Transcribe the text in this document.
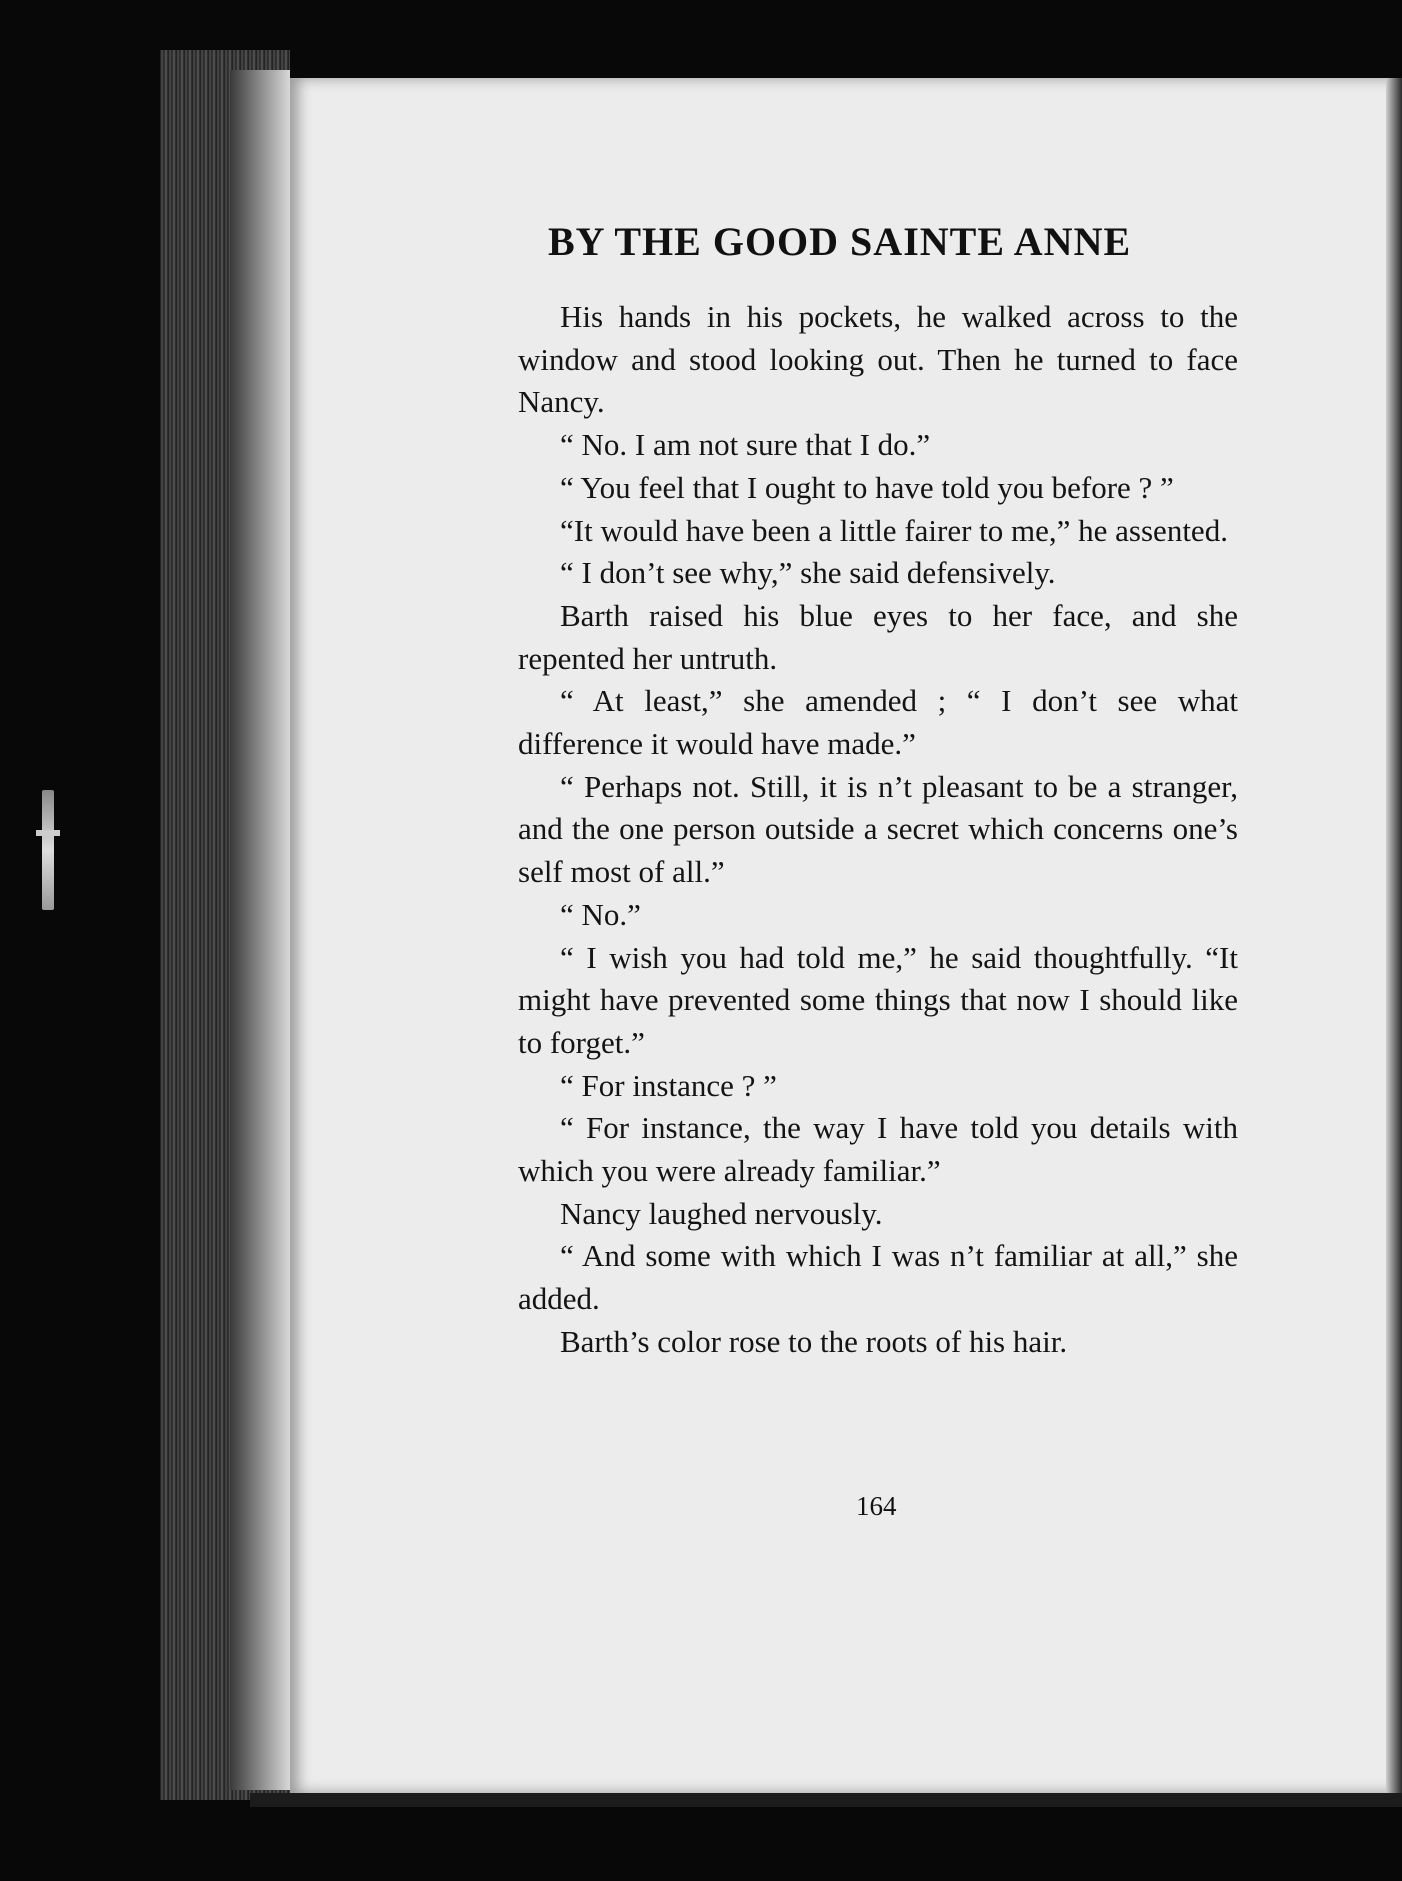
BY THE GOOD SAINTE ANNE

His hands in his pockets, he walked across to the window and stood looking out. Then he turned to face Nancy.

“ No. I am not sure that I do.”

“ You feel that I ought to have told you before ? ”

“It would have been a little fairer to me,” he assented.

“ I don’t see why,” she said defensively.

Barth raised his blue eyes to her face, and she repented her untruth.

“ At least,” she amended ; “ I don’t see what difference it would have made.”

“ Perhaps not. Still, it is n’t pleasant to be a stranger, and the one person outside a secret which concerns one’s self most of all.”

“ No.”

“ I wish you had told me,” he said thoughtfully. “It might have prevented some things that now I should like to forget.”

“ For instance ? ”

“ For instance, the way I have told you details with which you were already familiar.”

Nancy laughed nervously.

“ And some with which I was n’t familiar at all,” she added.

Barth’s color rose to the roots of his hair.

164
